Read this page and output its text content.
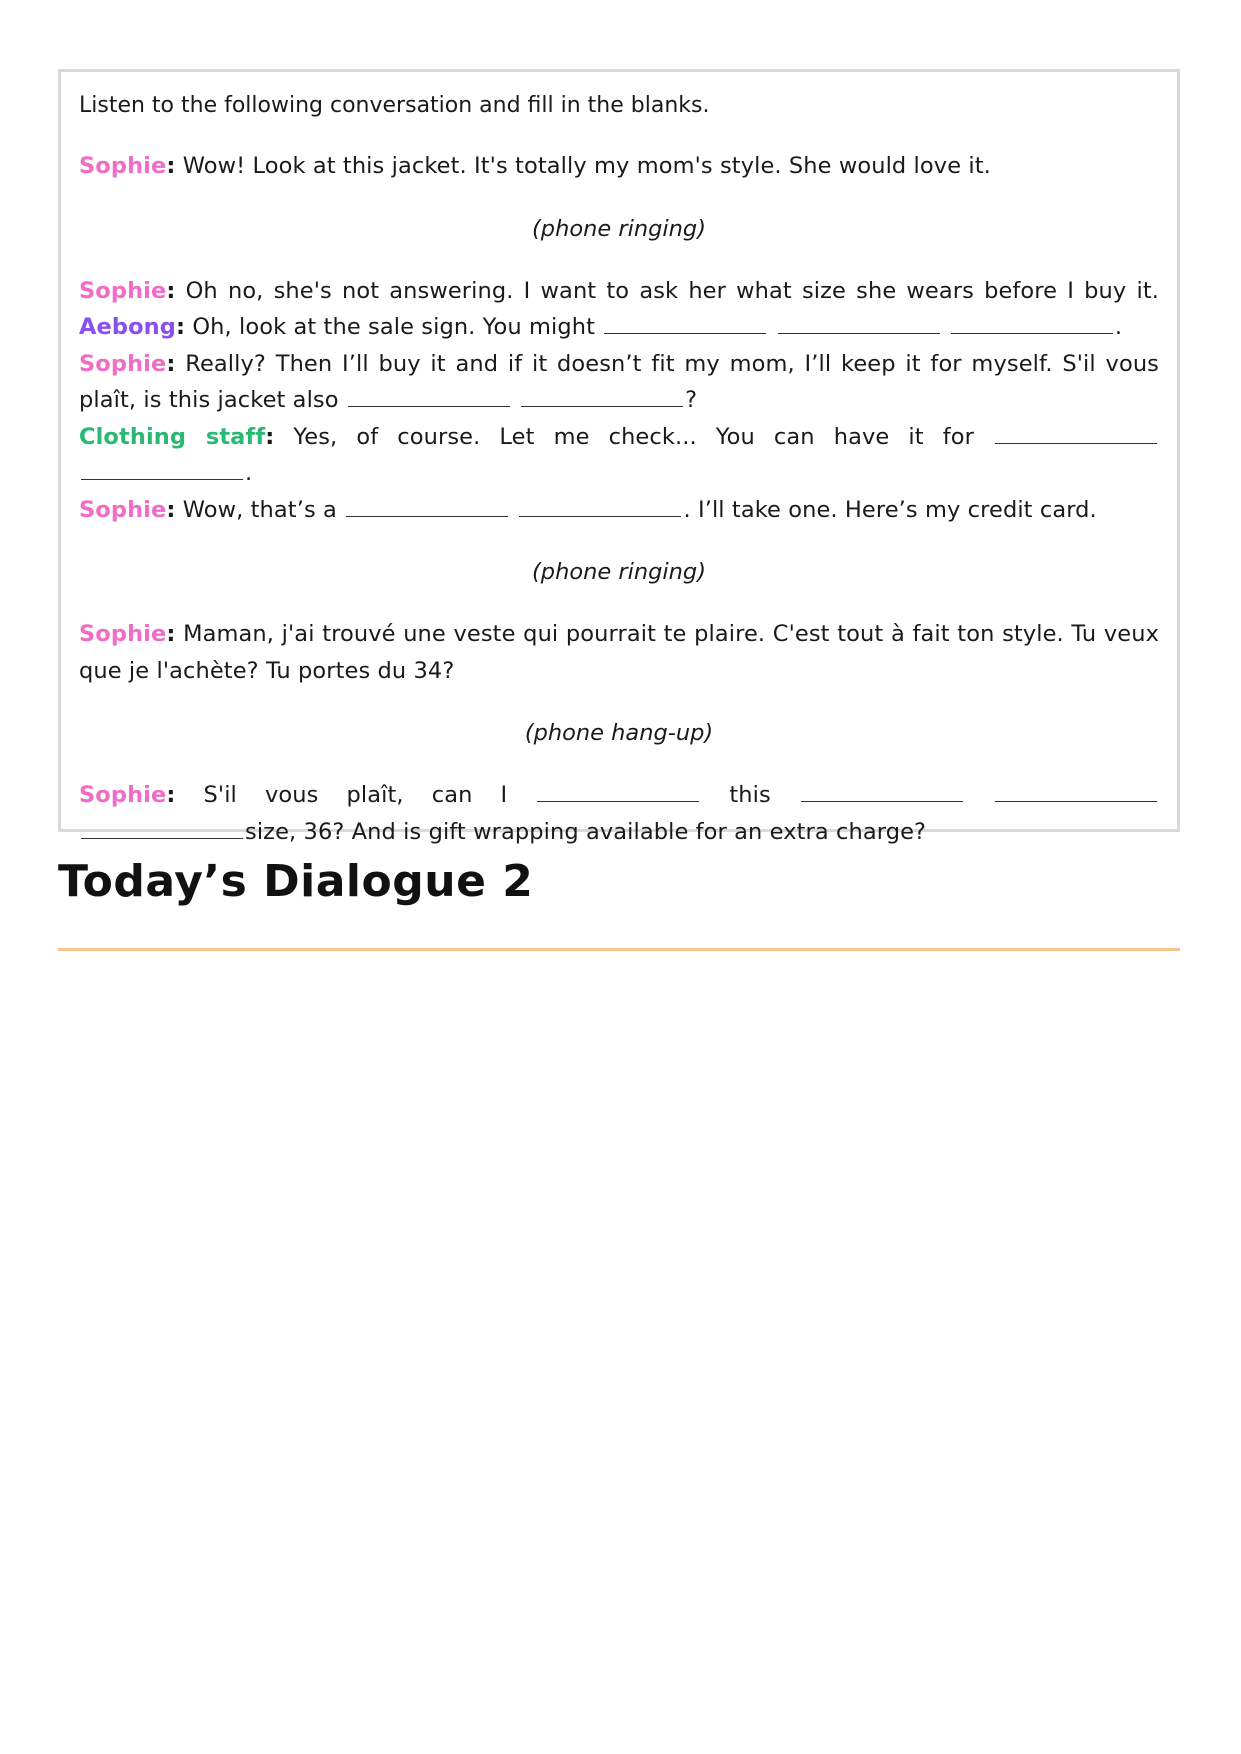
Listen to the following conversation and fill in the blanks.

Sophie: Wow! Look at this jacket. It's totally my mom's style. She would love it.

(phone ringing)

Sophie: Oh no, she's not answering. I want to ask her what size she wears before I buy it.
Aebong: Oh, look at the sale sign. You might	.
Sophie: Really? Then I’ll buy it and if it doesn’t fit my mom, I’ll keep it for myself. S'il vous plaît, is this jacket also	?
Clothing staff: Yes, of course. Let me check... You can have it for  .
Sophie: Wow, that’s a	. I’ll take one. Here’s my credit card.

(phone ringing)

Sophie: Maman, j'ai trouvé une veste qui pourrait te plaire. C'est tout à fait ton style. Tu veux que je l'achète? Tu portes du 34?

(phone hang-up)

Sophie: S'il vous plaît, can I	this  size, 36? And is gift wrapping available for an extra charge?

Today’s Dialogue 2
